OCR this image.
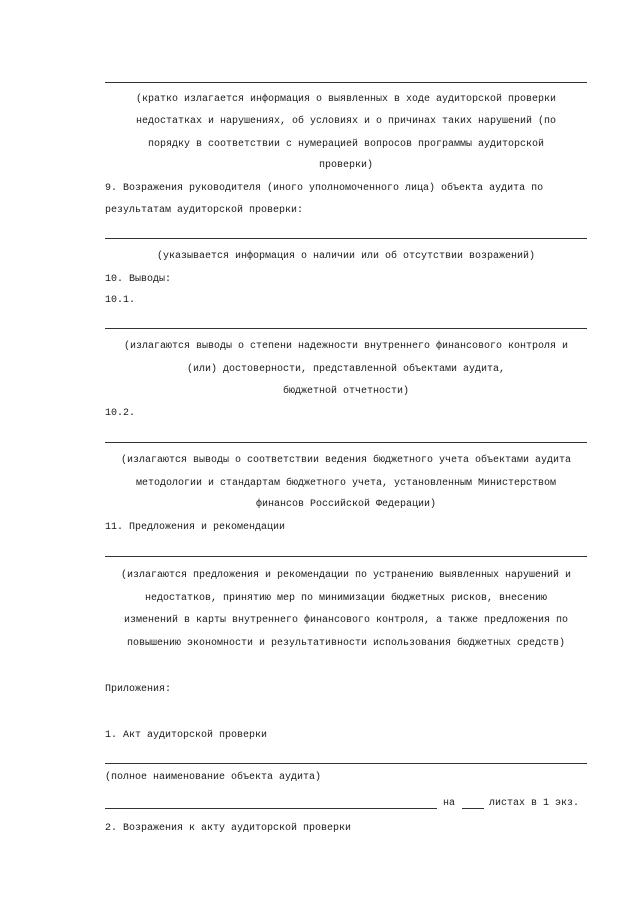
(кратко излагается информация о выявленных в ходе аудиторской проверки
недостатках и нарушениях, об условиях и о причинах таких нарушений (по
порядку в соответствии с нумерацией вопросов программы аудиторской
проверки)
9. Возражения руководителя (иного уполномоченного лица) объекта аудита по
результатам аудиторской проверки:
(указывается информация о наличии или об отсутствии возражений)
10. Выводы:
10.1.
(излагаются выводы о степени надежности внутреннего финансового контроля и
(или) достоверности, представленной объектами аудита,
бюджетной отчетности)
10.2.
(излагаются выводы о соответствии ведения бюджетного учета объектами аудита
методологии и стандартам бюджетного учета, установленным Министерством
финансов Российской Федерации)
11. Предложения и рекомендации
(излагаются предложения и рекомендации по устранению выявленных нарушений и
недостатков, принятию мер по минимизации бюджетных рисков, внесению
изменений в карты внутреннего финансового контроля, а также предложения по
повышению экономности и результативности использования бюджетных средств)
Приложения:
1. Акт аудиторской проверки
(полное наименование объекта аудита)
на	листах в 1 экз.
2. Возражения к акту аудиторской проверки
